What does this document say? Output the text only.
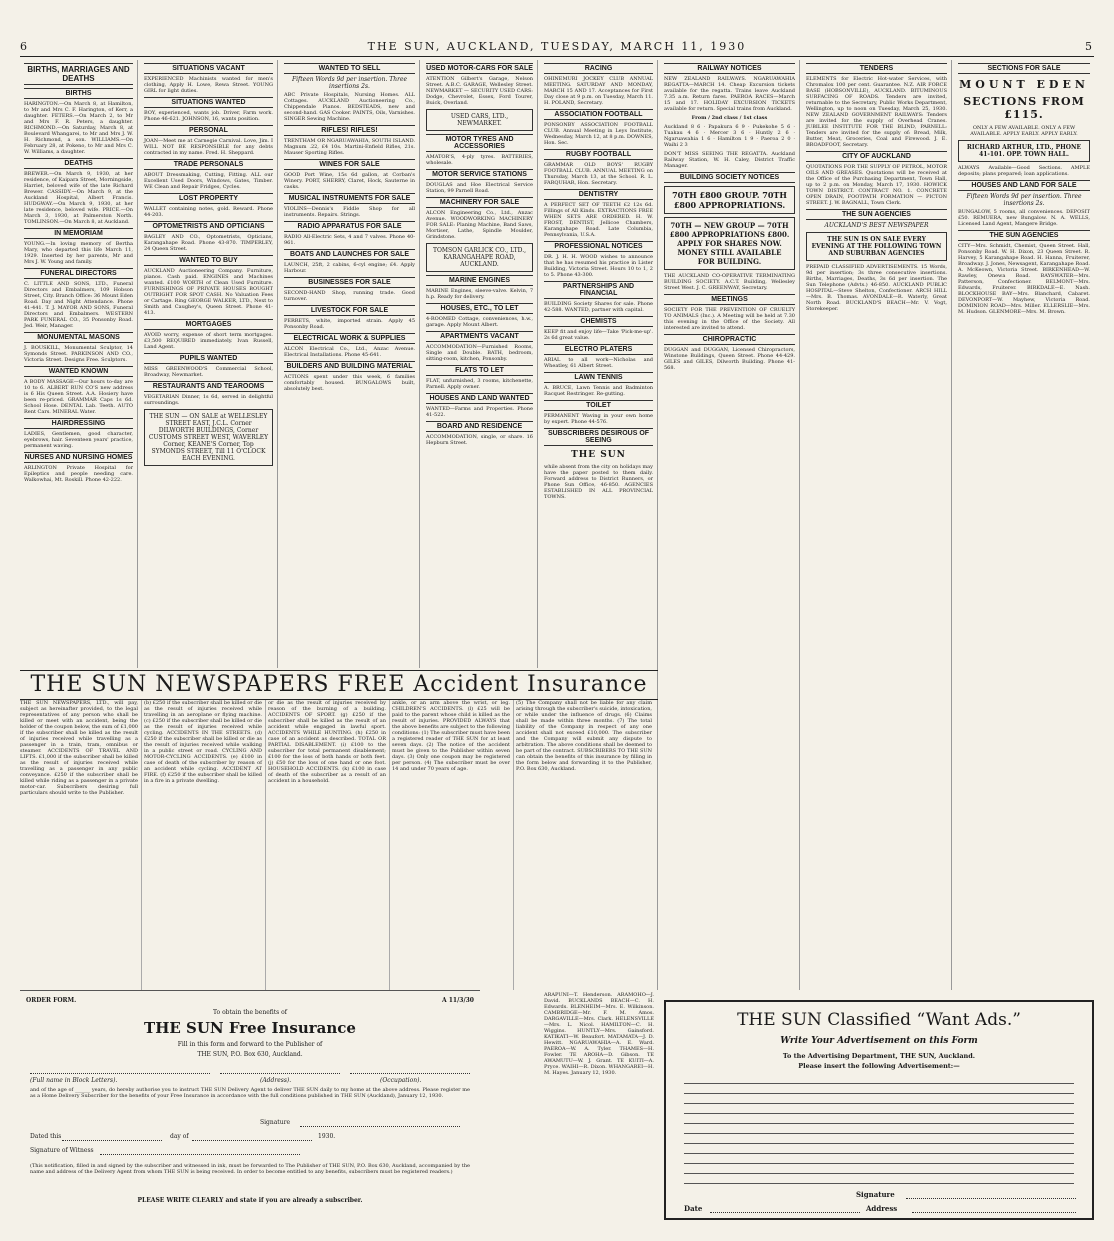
6	THE SUN, AUCKLAND, TUESDAY, MARCH 11, 1930	5
BIRTHS, MARRIAGES AND DEATHS
BIRTHS
HARINGTON.—On March 8, at Hamilton, to Mr and Mrs C. F. Harington, of Kerr, a daughter. FETERS.—On March 2, to Mr and Mrs F. R. Peters, a daughter. RICHMOND.—On Saturday, March 8, at Boulevard Whangarei, to Mr and Mrs J. W. H. Richmond, a son. WILLIAMS.—On February 28, at Pokeno, to Mr and Mrs C. W. Williams, a daughter.
DEATHS
BREWER.—On March 9, 1930, at her residence, of Kaipara Street, Morningside, Harriet, beloved wife of the late Richard Brewer. CASSIDY.—On March 9, at the Auckland Hospital, Albert Francis. HUDGWAY.—On March 9, 1930, at her late residence, beloved wife. PRICE.—On March 3, 1930, at Palmerston North. TOMLINSON.—On March 8, at Auckland.
IN MEMORIAM
YOUNG.—In loving memory of Bertha Mary, who departed this life March 11, 1929. Inserted by her parents, Mr and Mrs J. W. Young and family.
FUNERAL DIRECTORS
C. LITTLE AND SONS, LTD., Funeral Directors and Embalmers, 109 Hobson Street, City. Branch Office: 36 Mount Eden Road. Day and Night Attendance. Phone 41-441. T. J. MAYOR AND SONS, Funeral Directors and Embalmers. WESTERN PARK FUNERAL CO., 35 Ponsonby Road. Jed. Weir, Manager.
MONUMENTAL MASONS
J. BOUSKILL, Monumental Sculptor, 14 Symonds Street. PARKINSON AND CO., Victoria Street. Designs Free. Sculptors.
WANTED KNOWN
A BODY MASSAGE—Our hours to-day are 10 to 6. ALBERT RUN CO'S new address is 6 His Queen Street. A.A. Hosiery have been re-priced. GRAMMAR Caps 1s 6d. School Hose. DENTAL Lab. Teeth. AUTO Rent Cars. MINERAL Water.
HAIRDRESSING
LADIES, Gentlemen, good character, eyebrows, hair. Seventeen years' practice, permanent waving.
NURSES AND NURSING HOMES
ARLINGTON Private Hospital for Epileptics and people needing care. Walkowhai, Mt. Roskill. Phone 42-222.
SITUATIONS VACANT
EXPERIENCED Machinists wanted for men's clothing, Apply H. Lowe, Rewa Street. YOUNG GIRL for light duties.
SITUATIONS WANTED
BOY, experienced, wants job. Driver, Farm work. Phone 46-621. JOHNSON, 16, wants position.
PERSONAL
JOAN—Meet me at Carnegie Carnival. Love, Jim. I WILL NOT BE RESPONSIBLE for any debts contracted in my name. Fred. H. Sheppard.
TRADE PERSONALS
ABOUT Dressmaking, Cutting, Fitting. ALL our Excellent Used Doors, Windows, Gates, Timber. WE Clean and Repair Fridges, Cycles.
LOST PROPERTY
WALLET containing notes, gold. Reward. Phone 44-203.
OPTOMETRISTS AND OPTICIANS
BAGLEY AND CO., Optometrists, Opticians, Karangahape Road. Phone 43-870. TIMPERLEY, 24 Queen Street.
WANTED TO BUY
AUCKLAND Auctioneering Company. Furniture, pianos. Cash paid. ENGINES and Machines wanted. £100 WORTH of Clean Used Furniture. FURNISHINGS OF PRIVATE HOUSES BOUGHT OUTRIGHT FOR SPOT CASH. No Valuation Fees or Cartage. Ring GEORGE WALKER, LTD., Next to Smith and Caughey's, Queen Street. Phone 41-413.
MORTGAGES
AVOID worry, expense of short term mortgages. £3,500 REQUIRED immediately. Ivan Russell, Land Agent.
PUPILS WANTED
MISS GREENWOOD'S Commercial School, Broadway, Newmarket.
RESTAURANTS AND TEAROOMS
VEGETARIAN Dinner, 1s 6d, served in delightful surroundings.
THE SUN — ON SALE at WELLESLEY STREET EAST, J.C.L. Corner DILWORTH BUILDINGS, Corner CUSTOMS STREET WEST, WAVERLEY Corner, KEANE'S Corner, Top SYMONDS STREET, Till 11 O'CLOCK EACH EVENING.
WANTED TO SELL
Fifteen Words 9d per insertion. Three insertions 2s.
ABC Private Hospitals, Nursing Homes. ALL Cottages. AUCKLAND Auctioneering Co., Chippendale Pianos. BEDSTEADS, new and second-hand. GAS Cooker. PAINTS, Oils, Varnishes. SINGER Sewing Machine.
RIFLES! RIFLES!
TRENTHAM OR NGARUAWAHIA, SOUTH ISLAND. Magnum .22, £4 10s. Martini-Enfield Rifles, 21s. Mauser Sporting Rifles.
WINES FOR SALE
GOOD Port Wine, 15s 6d gallon, at Corban's Winery. PORT, SHERRY, Claret, Hock, Sauterne in casks.
MUSICAL INSTRUMENTS FOR SALE
VIOLINS—Dennis's Fiddle Shop for all instruments. Repairs. Strings.
RADIO APPARATUS FOR SALE
RADIO All-Electric Sets, 4 and 7 valves. Phone 40-961.
BOATS AND LAUNCHES FOR SALE
LAUNCH, 25ft, 2 cabins, 6-cyl engine; £4. Apply Harbour.
BUSINESSES FOR SALE
SECOND-HAND Shop, running trade. Good turnover.
LIVESTOCK FOR SALE
PERRETS, white, imported strain. Apply 45 Ponsonby Road.
ELECTRICAL WORK & SUPPLIES
ALCON Electrical Co., Ltd., Anzac Avenue. Electrical Installations. Phone 45-641.
BUILDERS AND BUILDING MATERIAL
ACTIONS spent under this week, 6 families comfortably housed. BUNGALOWS built, absolutely best.
USED MOTOR-CARS FOR SALE
ATENTION Gilbert's Garage, Nelson Street. A.B.C. GARAGE, Wellesley Street. NEWMARKET — SECURITY USED CARS: Dodge, Chevrolet, Essex, Ford Tourer, Buick, Overland.
USED CARS, LTD., NEWMARKET.
MOTOR TYRES AND ACCESSORIES
AMATOR'S, 4-ply tyres. BATTERIES, wholesale.
MOTOR SERVICE STATIONS
DOUGLAS and Hoe Electrical Service Station, 99 Parnell Road.
MACHINERY FOR SALE
ALCON Engineering Co., Ltd., Anzac Avenue. WOODWORKING MACHINERY FOR SALE: Planing Machine, Band Saws, Mortiser, Lathe, Spindle Moulder, Grindstone.
TOMSON GARLICK CO., LTD., KARANGAHAPE ROAD, AUCKLAND.
MARINE ENGINES
MARINE Engines, sleeve-valve. Kelvin, 7 h.p. Ready for delivery.
HOUSES, ETC., TO LET
4-ROOMED Cottage, conveniences, h.w., garage. Apply Mount Albert.
APARTMENTS VACANT
ACCOMMODATION—Furnished Rooms, Single and Double. BATH, bedroom, sitting-room, kitchen, Ponsonby.
FLATS TO LET
FLAT, unfurnished, 3 rooms, kitchenette, Parnell. Apply owner.
HOUSES AND LAND WANTED
WANTED—Farms and Properties. Phone 41-522.
BOARD AND RESIDENCE
ACCOMMODATION, single, or share. 16 Hepburn Street.
RACING
OHINEMURI JOCKEY CLUB ANNUAL MEETING. SATURDAY AND MONDAY, MARCH 15 AND 17. Acceptances for First Day close at 9 p.m. on Tuesday, March 11. H. POLAND, Secretary.
ASSOCIATION FOOTBALL
PONSONBY ASSOCIATION FOOTBALL CLUB. Annual Meeting in Leys Institute, Wednesday, March 12, at 8 p.m. DOWNES, Hon. Sec.
RUGBY FOOTBALL
GRAMMAR OLD BOYS' RUGBY FOOTBALL CLUB. ANNUAL MEETING on Thursday, March 13, at the School. R. L. FARQUHAR, Hon. Secretary.
DENTISTRY
A PERFECT SET OF TEETH £2 12s 6d. Fillings of All Kinds. EXTRACTIONS FREE WHEN SETS ARE ORDERED. H. W. FROST, DENTIST, Jellicoe Chambers, Karangahape Road. Late Columbia, Pennsylvania, U.S.A.
PROFESSIONAL NOTICES
DR. J. H. H. WOOD wishes to announce that he has resumed his practice in Lister Building, Victoria Street. Hours 10 to 1, 2 to 5. Phone 43-300.
PARTNERSHIPS AND FINANCIAL
BUILDING Society Shares for sale. Phone 42-588. WANTED, partner with capital.
CHEMISTS
KEEP fit and enjoy life—Take 'Pick-me-up'. 2s 6d great value.
ELECTRO PLATERS
ARIAL to all work—Nicholas and Wheatley, 61 Albert Street.
LAWN TENNIS
A. BRUCE, Lawn Tennis and Badminton Racquet Restringer. Re-gutting.
TOILET
PERMANENT Waving in your own home by expert. Phone 44-576.
SUBSCRIBERS DESIROUS OF SEEING
THE SUN
while absent from the city on holidays may have the paper posted to them daily. Forward address to District Runners, or Phone Sun Office, 46-850. AGENCIES ESTABLISHED IN ALL PROVINCIAL TOWNS.
RAILWAY NOTICES
NEW ZEALAND RAILWAYS. NGARUAWAHIA REGATTA—MARCH 14. Cheap Excursion tickets available for the regatta. Trains leave Auckland 7.35 a.m. Return fares. PAEROA RACES—March 15 and 17. HOLIDAY EXCURSION TICKETS available for return. Special trains from Auckland.
From / 2nd class / 1st class
Auckland 8 6 · Papakura 6 9 · Pukekohe 5 6 · Tuakau 4 6 · Mercer 3 6 · Huntly 2 6 · Ngaruawahia 1 6 · Hamilton 1 9 · Paeroa 2 0 · Waihi 2 3
DON'T MISS SEEING THE REGATTA. Auckland Railway Station, W. H. Caley, District Traffic Manager.
BUILDING SOCIETY NOTICES
70TH £800 GROUP. 70TH £800 APPROPRIATIONS.
70TH — NEW GROUP — 70TH £800 APPROPRIATIONS £800. APPLY FOR SHARES NOW. MONEY STILL AVAILABLE FOR BUILDING.
THE AUCKLAND CO-OPERATIVE TERMINATING BUILDING SOCIETY. A.C.T. Building, Wellesley Street West. J. C. GREENWAY, Secretary.
MEETINGS
SOCIETY FOR THE PREVENTION OF CRUELTY TO ANIMALS (Inc.). A Meeting will be held at 7.30 this evening in the Office of the Society. All interested are invited to attend.
CHIROPRACTIC
DUGGAN and DUGGAN, Licensed Chiropractors, Winstone Buildings, Queen Street. Phone 44-429. GILES and GILES, Dilworth Building. Phone 41-568.
TENDERS
ELEMENTS for Electric Hot-water Services, with Chromalox 100 per cent. Guarantee. N.Z. AIR FORCE BASE (HOBSONVILLE), AUCKLAND. BITUMINOUS SURFACING OF ROADS. Tenders are invited, returnable to the Secretary, Public Works Department, Wellington, up to noon on Tuesday, March 25, 1930. NEW ZEALAND GOVERNMENT RAILWAYS: Tenders are invited for the supply of Overhead Cranes. JUBILEE INSTITUTE FOR THE BLIND, PARNELL: Tenders are invited for the supply of: Bread, Milk, Butter, Meat, Groceries, Coal and Firewood. J. E. BROADFOOT, Secretary.
CITY OF AUCKLAND
QUOTATIONS FOR THE SUPPLY OF PETROL, MOTOR OILS AND GREASES. Quotations will be received at the Office of the Purchasing Department, Town Hall, up to 2 p.m. on Monday, March 17, 1930. HOWICK TOWN DISTRICT. CONTRACT NO. 1. CONCRETE OPEN DRAIN, FOOTPATH FORMATION — PICTON STREET. J. W. BAGNALL, Town Clerk.
THE SUN AGENCIES
AUCKLAND'S BEST NEWSPAPER
THE SUN IS ON SALE EVERY EVENING AT THE FOLLOWING TOWN AND SUBURBAN AGENCIES
PREPAID CLASSIFIED ADVERTISEMENTS. 15 Words, 9d per insertion; 3s three consecutive insertions. Births, Marriages, Deaths, 3s 6d per insertion. The Sun Telephone (Advts.) 46-850. AUCKLAND PUBLIC HOSPITAL—Steve Shelton, Confectioner. ARCH HILL—Mrs. B. Thomas. AVONDALE—R. Waterly, Great North Road. BUCKLAND'S BEACH—Mr. V. Vogt, Storekeeper.
SECTIONS FOR SALE
MOUNT EDEN
SECTIONS FROM £115.
ONLY A FEW AVAILABLE. ONLY A FEW AVAILABLE. APPLY EARLY. APPLY EARLY.
RICHARD ARTHUR, LTD., PHONE 41-101. OPP. TOWN HALL.
ALWAYS Available—Good Sections. AMPLE deposits; plans prepared; loan applications.
HOUSES AND LAND FOR SALE
Fifteen Words 9d per insertion. Three insertions 2s.
BUNGALOW, 5 rooms, all conveniences. DEPOSIT £50. REMUERA, new Bungalow. N. A. WELLS, Licensed Land Agent, Mangere Bridge.
THE SUN AGENCIES
CITY—Mrs. Schmidt, Chemist, Queen Street. Hall, Ponsonby Road. W. H. Dixon, 23 Queen Street. R. Harvey, 5 Karangahape Road. H. Hanna, Fruiterer, Broadway. J. Jones, Newsagent, Karangahape Road. A. McKeown, Victoria Street. BIRKENHEAD—W. Rawley, Onewa Road. BAYSWATER—Mrs. Patterson, Confectioner. BELMONT—Mrs. Edwards, Fruiterer. BIRKDALE—E. Nash. BLOCKHOUSE BAY—Mrs. Blanchard, Cabaret. DEVONPORT—W. Mayhew, Victoria Road. DOMINION ROAD—Mrs. Miller. ELLERSLIE—Mrs. M. Hudson. GLENMORE—Mrs. M. Brown.
THE SUN NEWSPAPERS FREE Accident Insurance
THE SUN NEWSPAPERS, LTD., will pay, subject as hereinafter provided, to the legal representatives of any person who shall be killed or meet with an accident, being the holder of the coupon below, the sum of £1,000 if the subscriber shall be killed as the result of injuries received while travelling as a passenger in a train, tram, omnibus or steamer. ACCIDENTS OF TRAVEL AND LIFTS. £1,000 if the subscriber shall be killed as the result of injuries received while travelling as a passenger in any public conveyance. £250 if the subscriber shall be killed while riding as a passenger in a private motor-car. Subscribers desiring full particulars should write to the Publisher.
(b) £250 if the subscriber shall be killed or die as the result of injuries received while travelling in an aeroplane or flying machine. (c) £250 if the subscriber shall be killed or die as the result of injuries received while cycling. ACCIDENTS IN THE STREETS. (d) £250 if the subscriber shall be killed or die as the result of injuries received while walking in a public street or road. CYCLING AND MOTOR-CYCLING ACCIDENTS. (e) £100 in case of death of the subscriber by reason of an accident while cycling. ACCIDENT AT FIRE. (f) £250 if the subscriber shall be killed in a fire in a private dwelling.
or die as the result of injuries received by reason of the burning of a building. ACCIDENTS OF SPORT. (g) £250 if the subscriber shall be killed as the result of an accident while engaged in lawful sport. ACCIDENTS WHILE HUNTING. (h) £250 in case of an accident as described. TOTAL OR PARTIAL DISABLEMENT. (i) £100 to the subscriber for total permanent disablement; £100 for the loss of both hands or both feet. (j) £50 for the loss of one hand or one foot. HOUSEHOLD ACCIDENTS. (k) £100 in case of death of the subscriber as a result of an accident in a household.
ankle, or an arm above the wrist, or leg. CHILDREN'S ACCIDENTS. (l) £25 will be paid to the parent whose child is killed as the result of injuries. PROVIDED ALWAYS that the above benefits are subject to the following conditions: (1) The subscriber must have been a registered reader of THE SUN for at least seven days. (2) The notice of the accident must be given to the Publisher within seven days. (3) Only one coupon may be registered per person. (4) The subscriber must be over 14 and under 70 years of age.
(5) The Company shall not be liable for any claim arising through the subscriber's suicide, intoxication, or while under the influence of drugs. (6) Claims shall be made within three months. (7) The total liability of the Company in respect of any one accident shall not exceed £10,000. The subscriber and the Company will submit any dispute to arbitration. The above conditions shall be deemed to be part of the contract. SUBSCRIBERS TO THE SUN can obtain the benefits of this insurance by filling in the form below and forwarding it to the Publisher, P.O. Box 630, Auckland.
ARAPUNI—T. Henderson. ARAMOHO—J. David. BUCKLANDS BEACH—C. H. Edwards. BLENHEIM—Mrs. E. Wilkinson. CAMBRIDGE—Mr. F. M. Amos. DARGAVILLE—Mrs. Clark. HELENSVILLE—Mrs. L. Nicol. HAMILTON—C. H. Wiggins. HUNTLY—Mrs. Gainsford. KATIKATI—W. Beaufort. MATAMATA—J. D. Hewitt. NGARUAWAHIA—A. E. Ward. PAEROA—W. A. Tyler. THAMES—H. Fowler. TE AROHA—D. Gibson. TE AWAMUTU—W. J. Grant. TE KUITI—A. Pryce. WAIHI—R. Dixon. WHANGAREI—H. M. Hayes. January 12, 1930.
ORDER FORM.	A 11/3/30
To obtain the benefits of
THE SUN Free Insurance
Fill in this form and forward to the Publisher of
THE SUN, P.O. Box 630, Auckland.
(Full name in Block Letters).	(Address).	(Occupation).
and of the age of ______ years, do hereby authorise you to instruct THE SUN Delivery Agent to deliver THE SUN daily to my home at the above address. Please register me as a Home Delivery Subscriber for the benefits of your Free Insurance in accordance with the full conditions published in THE SUN (Auckland), January 12, 1930.
Signature
Dated this	day of	1930.
Signature of Witness
(This notification, filled in and signed by the subscriber and witnessed in ink, must be forwarded to The Publisher of THE SUN, P.O. Box 630, Auckland, accompanied by the name and address of the Delivery Agent from whom THE SUN is being received. In order to become entitled to any benefits, subscribers must be registered readers.)
PLEASE WRITE CLEARLY and state if you are already a subscriber.
THE SUN Classified “Want Ads.”
Write Your Advertisement on this Form
To the Advertising Department, THE SUN, Auckland.
Please insert the following Advertisement:—
Signature
Date	Address
